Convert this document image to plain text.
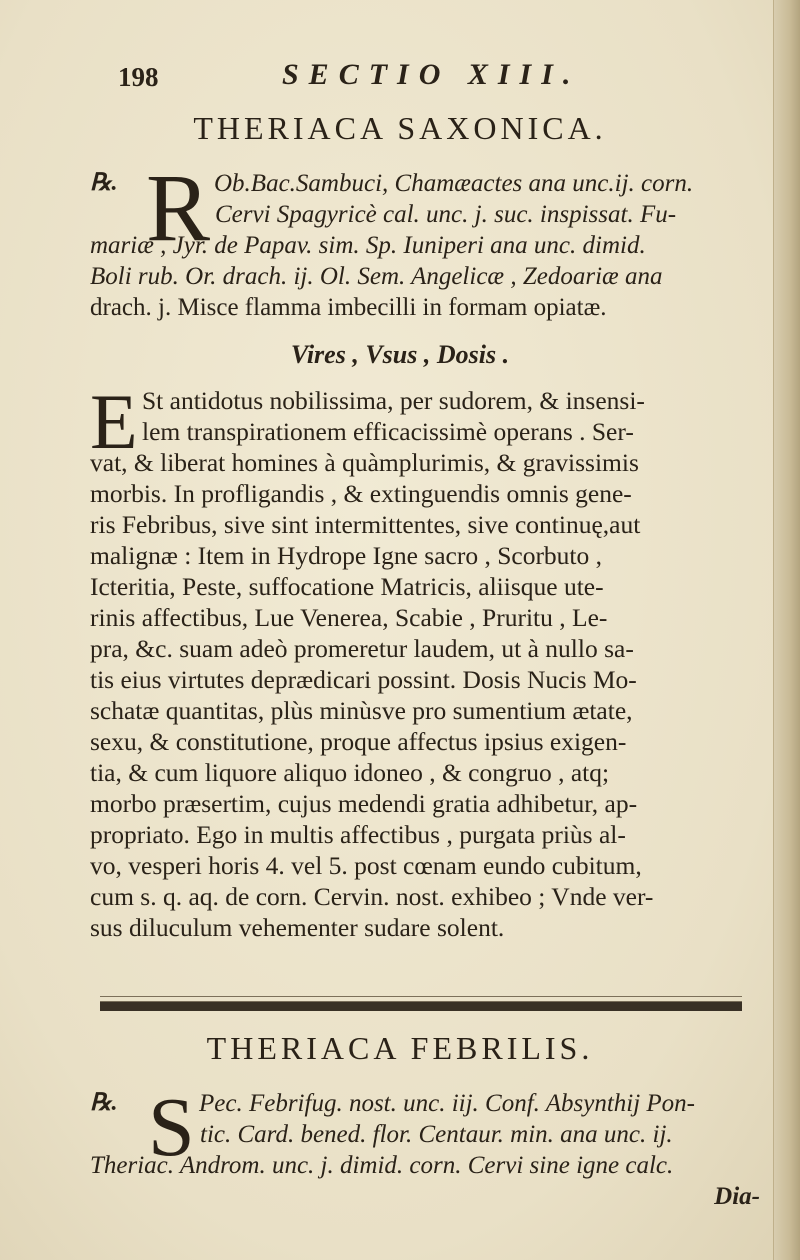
198	SECTIO XIII.
THERIACA SAXONICA.
R
℞.	Ob.Bac.Sambuci, Chamæactes ana unc.ij. corn.
Cervi Spagyricè cal. unc. j. suc. inspissat. Fu-
mariæ , Jyr. de Papav. sim. Sp. Iuniperi ana unc. dimid.
Boli rub. Or. drach. ij. Ol. Sem. Angelicæ , Zedoariæ ana
drach. j. Misce flamma imbecilli in formam opiatæ.
Vires , Vsus , Dosis .
E St antidotus nobilissima, per sudorem, & insensi-
lem transpirationem efficacissimè operans . Ser-
vat, & liberat homines à quàmplurimis, & gravissimis
morbis. In profligandis , & extinguendis omnis gene-
ris Febribus, sive sint intermittentes, sive continuę,aut
malignæ : Item in Hydrope Igne sacro , Scorbuto ,
Icteritia, Peste, suffocatione Matricis, aliisque ute-
rinis affectibus, Lue Venerea, Scabie , Pruritu , Le-
pra, &c. suam adeò promeretur laudem, ut à nullo sa-
tis eius virtutes deprædicari possint. Dosis Nucis Mo-
schatæ quantitas, plùs minùsve pro sumentium ætate,
sexu, & constitutione, proque affectus ipsius exigen-
tia, & cum liquore aliquo idoneo , & congruo , atq;
morbo præsertim, cujus medendi gratia adhibetur, ap-
propriato. Ego in multis affectibus , purgata priùs al-
vo, vesperi horis 4. vel 5. post cœnam eundo cubitum,
cum s. q. aq. de corn. Cervin. nost. exhibeo ; Vnde ver-
sus diluculum vehementer sudare solent.
THERIACA FEBRILIS.
S
℞.	Pec. Febrifug. nost. unc. iij. Conf. Absynthij Pon-
tic. Card. bened. flor. Centaur. min. ana unc. ij.
Theriac. Androm. unc. j. dimid. corn. Cervi sine igne calc.
Dia-
